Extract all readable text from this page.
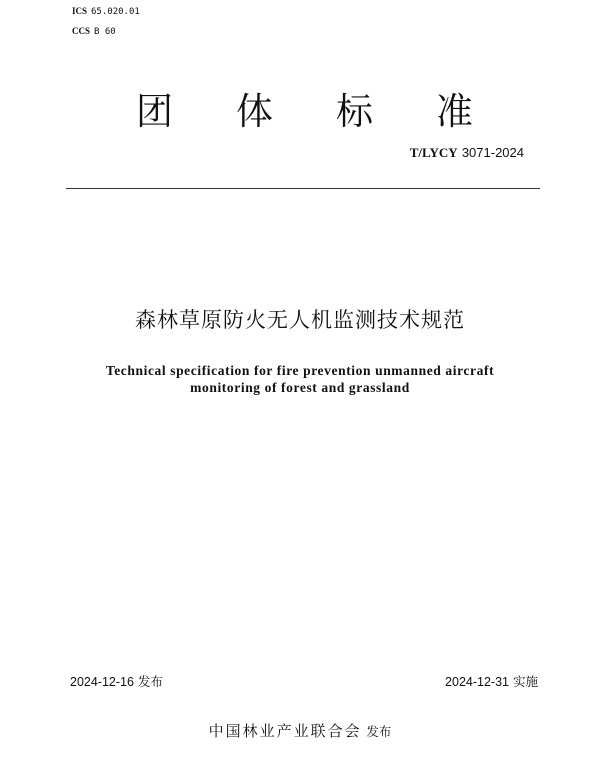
ICS 65.020.01
CCS B 60
团 体 标 准
T/LYCY 3071-2024
森林草原防火无人机监测技术规范
Technical specification for fire prevention unmanned aircraft
monitoring of forest and grassland
2024-12-16 发布	2024-12-31 实施
中国林业产业联合会 发布
